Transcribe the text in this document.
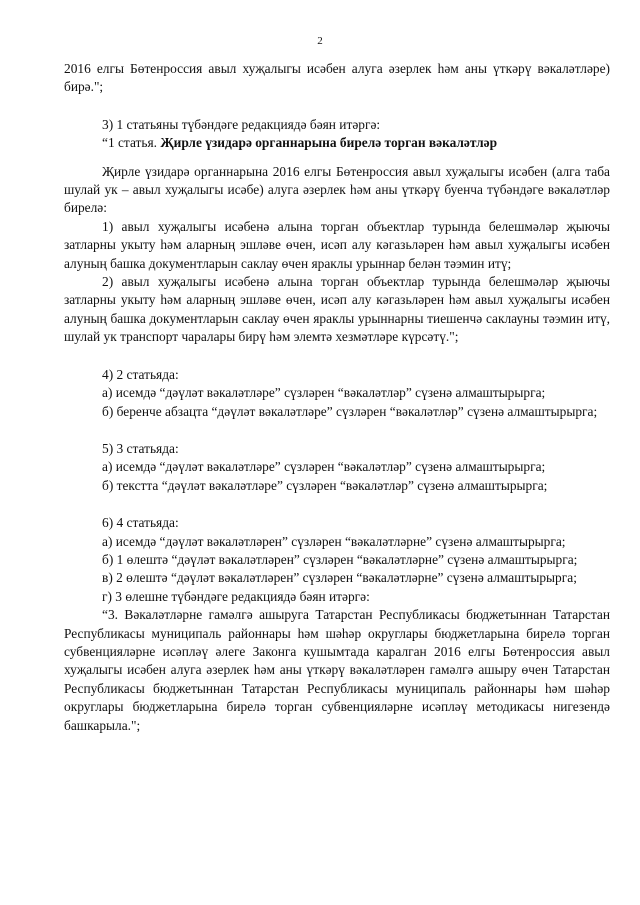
2

2016 елгы Бөтенроссия авыл хуҗалыгы исәбен алуга әзерлек һәм аны үткәрү вәкаләтләре) бирә.";

3) 1 статьяны түбәндәге редакциядә бәян итәргә:

“1 статья. Җирле үзидарә органнарына бирелә торган вәкаләтләр

Җирле үзидарә органнарына 2016 елгы Бөтенроссия авыл хуҗалыгы исәбен (алга таба шулай ук – авыл хуҗалыгы исәбе) алуга әзерлек һәм аны үткәрү буенча түбәндәге вәкаләтләр бирелә:

1) авыл хуҗалыгы исәбенә алына торган объектлар турында белешмәләр җыючы затларны укыту һәм аларның эшләве өчен, исәп алу кәгазьләрен һәм авыл хуҗалыгы исәбен алуның башка документларын саклау өчен яраклы урыннар белән тәэмин итү;

2) авыл хуҗалыгы исәбенә алына торган объектлар турында белешмәләр җыючы затларны укыту һәм аларның эшләве өчен, исәп алу кәгазьләрен һәм авыл хуҗалыгы исәбен алуның башка документларын саклау өчен яраклы урыннарны тиешенчә саклауны тәэмин итү, шулай ук транспорт чаралары бирү һәм элемтә хезмәтләре күрсәтү.";

4) 2 статьяда:

а) исемдә “дәүләт вәкаләтләре” сүзләрен “вәкаләтләр” сүзенә алмаштырырга;

б) беренче абзацта “дәүләт вәкаләтләре” сүзләрен “вәкаләтләр” сүзенә алмаштырырга;

5) 3 статьяда:

а) исемдә “дәүләт вәкаләтләре” сүзләрен “вәкаләтләр” сүзенә алмаштырырга;

б) текстта “дәүләт вәкаләтләре” сүзләрен “вәкаләтләр” сүзенә алмаштырырга;

6) 4 статьяда:

а) исемдә “дәүләт вәкаләтләрен” сүзләрен “вәкаләтләрне” сүзенә алмаштырырга;

б) 1 өлештә “дәүләт вәкаләтләрен” сүзләрен “вәкаләтләрне” сүзенә алмаштырырга;

в) 2 өлештә “дәүләт вәкаләтләрен” сүзләрен “вәкаләтләрне” сүзенә алмаштырырга;

г) 3 өлешне түбәндәге редакциядә бәян итәргә:

“3. Вәкаләтләрне гамәлгә ашыруга Татарстан Республикасы бюджетыннан Татарстан Республикасы муниципаль районнары һәм шәһәр округлары бюджетларына бирелә торган субвенцияләрне исәпләү әлеге Законга кушымтада каралган 2016 елгы Бөтенроссия авыл хуҗалыгы исәбен алуга әзерлек һәм аны үткәрү вәкаләтләрен гамәлгә ашыру өчен Татарстан Республикасы бюджетыннан Татарстан Республикасы муниципаль районнары һәм шәһәр округлары бюджетларына бирелә торган субвенцияләрне исәпләү методикасы нигезендә башкарыла.";
